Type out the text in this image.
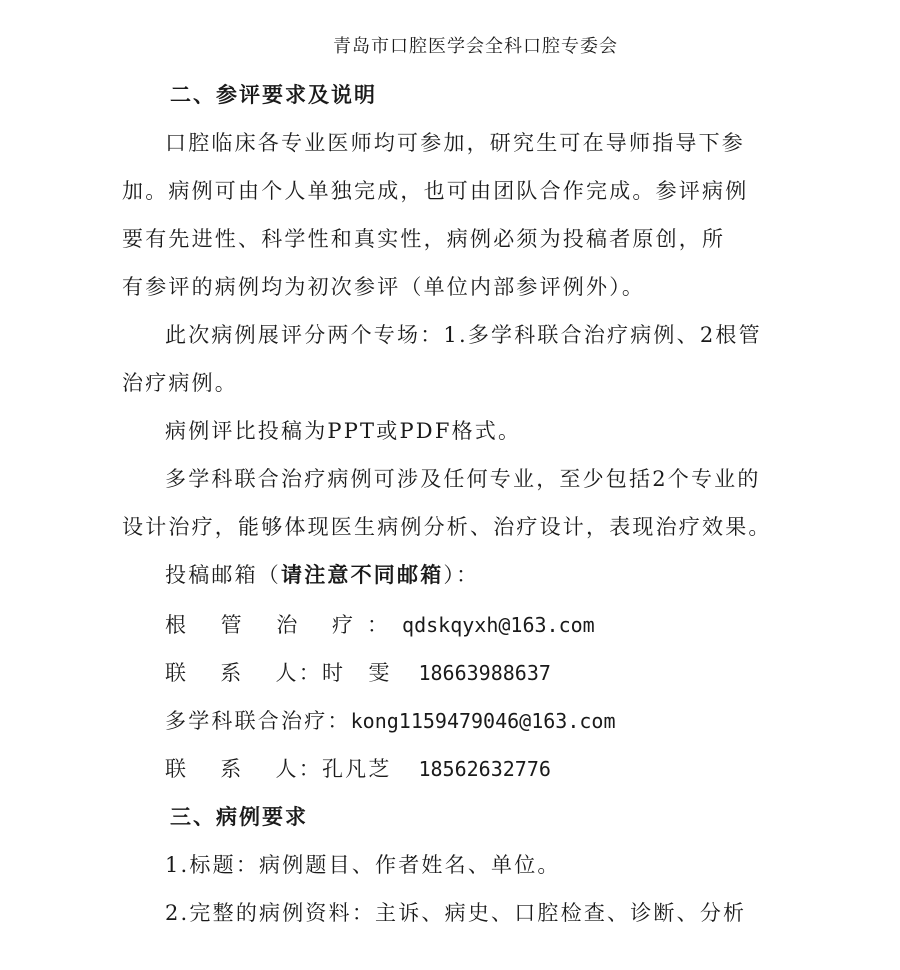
青岛市口腔医学会全科口腔专委会
二、参评要求及说明
口腔临床各专业医师均可参加，研究生可在导师指导下参
加。病例可由个人单独完成，也可由团队合作完成。参评病例
要有先进性、科学性和真实性，病例必须为投稿者原创，所
有参评的病例均为初次参评（单位内部参评例外）。
此次病例展评分两个专场：1.多学科联合治疗病例、2根管
治疗病例。
病例评比投稿为PPT或PDF格式。
多学科联合治疗病例可涉及任何专业，至少包括2个专业的
设计治疗，能够体现医生病例分析、治疗设计，表现治疗效果。
投稿邮箱（请注意不同邮箱）：
根 管 治 疗：qdskqyxh@163.com
联　 系　 人：时　雯 18663988637
多学科联合治疗：kong1159479046@163.com
联　 系　 人：孔凡芝 18562632776
三、病例要求
1.标题：病例题目、作者姓名、单位。
2.完整的病例资料：主诉、病史、口腔检查、诊断、分析
